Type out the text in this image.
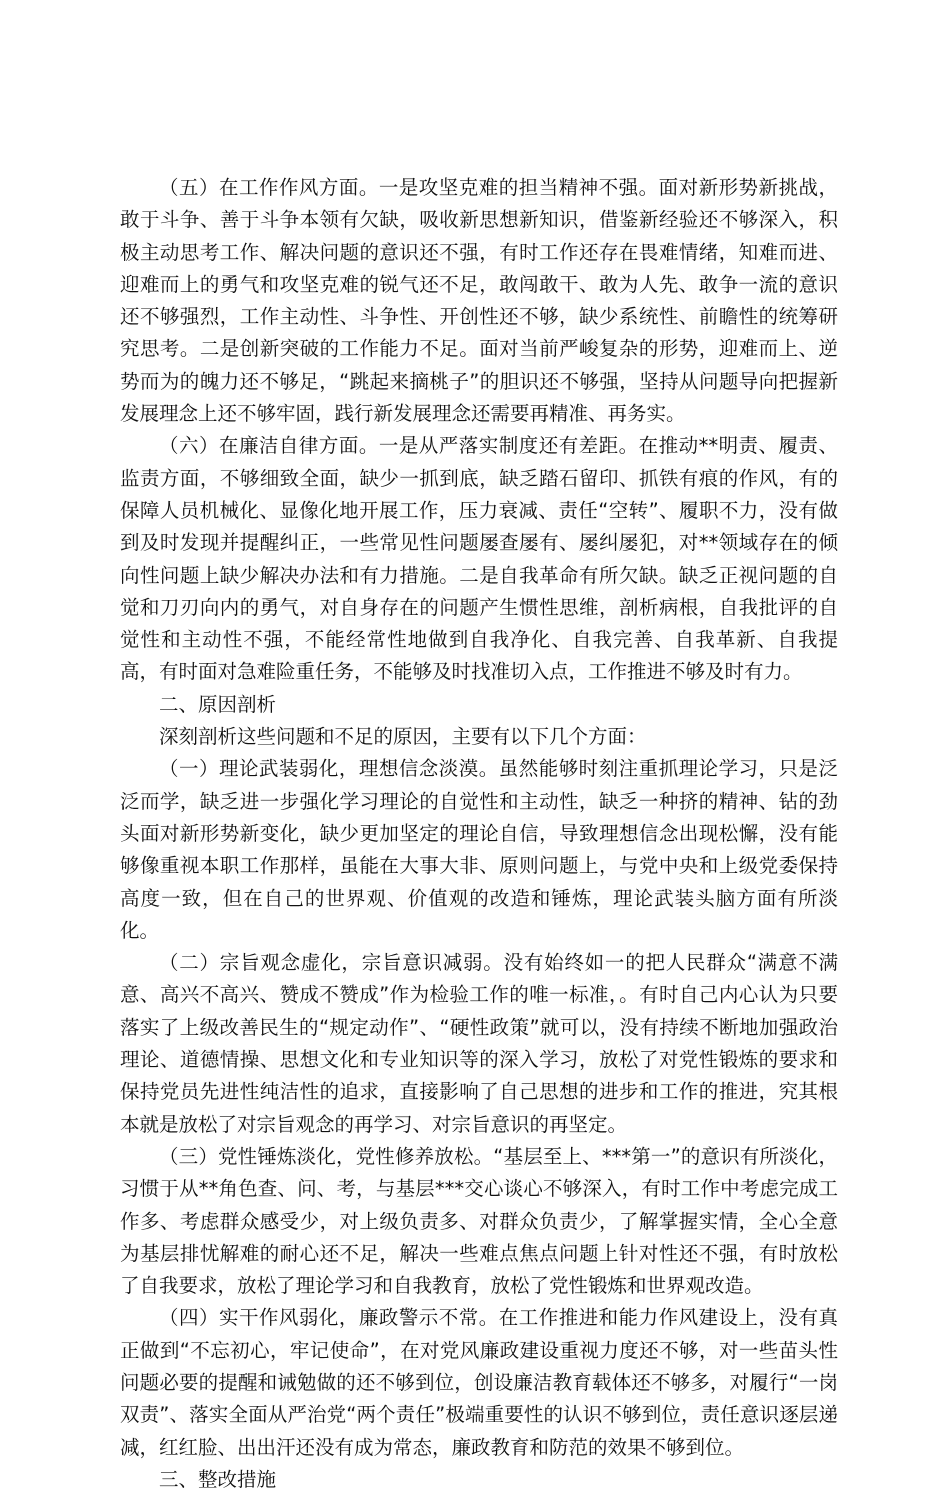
（五）在工作作风方面。一是攻坚克难的担当精神不强。面对新形势新挑战，敢于斗争、善于斗争本领有欠缺，吸收新思想新知识，借鉴新经验还不够深入，积极主动思考工作、解决问题的意识还不强，有时工作还存在畏难情绪，知难而进、迎难而上的勇气和攻坚克难的锐气还不足，敢闯敢干、敢为人先、敢争一流的意识还不够强烈，工作主动性、斗争性、开创性还不够，缺少系统性、前瞻性的统筹研究思考。二是创新突破的工作能力不足。面对当前严峻复杂的形势，迎难而上、逆势而为的魄力还不够足，“跳起来摘桃子”的胆识还不够强，坚持从问题导向把握新发展理念上还不够牢固，践行新发展理念还需要再精准、再务实。

（六）在廉洁自律方面。一是从严落实制度还有差距。在推动**明责、履责、监责方面，不够细致全面，缺少一抓到底，缺乏踏石留印、抓铁有痕的作风，有的保障人员机械化、显像化地开展工作，压力衰减、责任“空转”、履职不力，没有做到及时发现并提醒纠正，一些常见性问题屡查屡有、屡纠屡犯，对**领域存在的倾向性问题上缺少解决办法和有力措施。二是自我革命有所欠缺。缺乏正视问题的自觉和刀刃向内的勇气，对自身存在的问题产生惯性思维，剖析病根，自我批评的自觉性和主动性不强，不能经常性地做到自我净化、自我完善、自我革新、自我提高，有时面对急难险重任务，不能够及时找准切入点，工作推进不够及时有力。

二、原因剖析

深刻剖析这些问题和不足的原因，主要有以下几个方面：

（一）理论武装弱化，理想信念淡漠。虽然能够时刻注重抓理论学习，只是泛泛而学，缺乏进一步强化学习理论的自觉性和主动性，缺乏一种挤的精神、钻的劲头面对新形势新变化，缺少更加坚定的理论自信，导致理想信念出现松懈，没有能够像重视本职工作那样，虽能在大事大非、原则问题上，与党中央和上级党委保持高度一致，但在自己的世界观、价值观的改造和锤炼，理论武装头脑方面有所淡化。

（二）宗旨观念虚化，宗旨意识减弱。没有始终如一的把人民群众“满意不满意、高兴不高兴、赞成不赞成”作为检验工作的唯一标准，。有时自己内心认为只要落实了上级改善民生的“规定动作”、“硬性政策”就可以，没有持续不断地加强政治理论、道德情操、思想文化和专业知识等的深入学习，放松了对党性锻炼的要求和保持党员先进性纯洁性的追求，直接影响了自己思想的进步和工作的推进，究其根本就是放松了对宗旨观念的再学习、对宗旨意识的再坚定。

（三）党性锤炼淡化，党性修养放松。“基层至上、***第一”的意识有所淡化，习惯于从**角色查、问、考，与基层***交心谈心不够深入，有时工作中考虑完成工作多、考虑群众感受少，对上级负责多、对群众负责少，了解掌握实情，全心全意为基层排忧解难的耐心还不足，解决一些难点焦点问题上针对性还不强，有时放松了自我要求，放松了理论学习和自我教育，放松了党性锻炼和世界观改造。

（四）实干作风弱化，廉政警示不常。在工作推进和能力作风建设上，没有真正做到“不忘初心，牢记使命”，在对党风廉政建设重视力度还不够，对一些苗头性问题必要的提醒和诫勉做的还不够到位，创设廉洁教育载体还不够多，对履行“一岗双责”、落实全面从严治党“两个责任”极端重要性的认识不够到位，责任意识逐层递减，红红脸、出出汗还没有成为常态，廉政教育和防范的效果不够到位。

三、整改措施
